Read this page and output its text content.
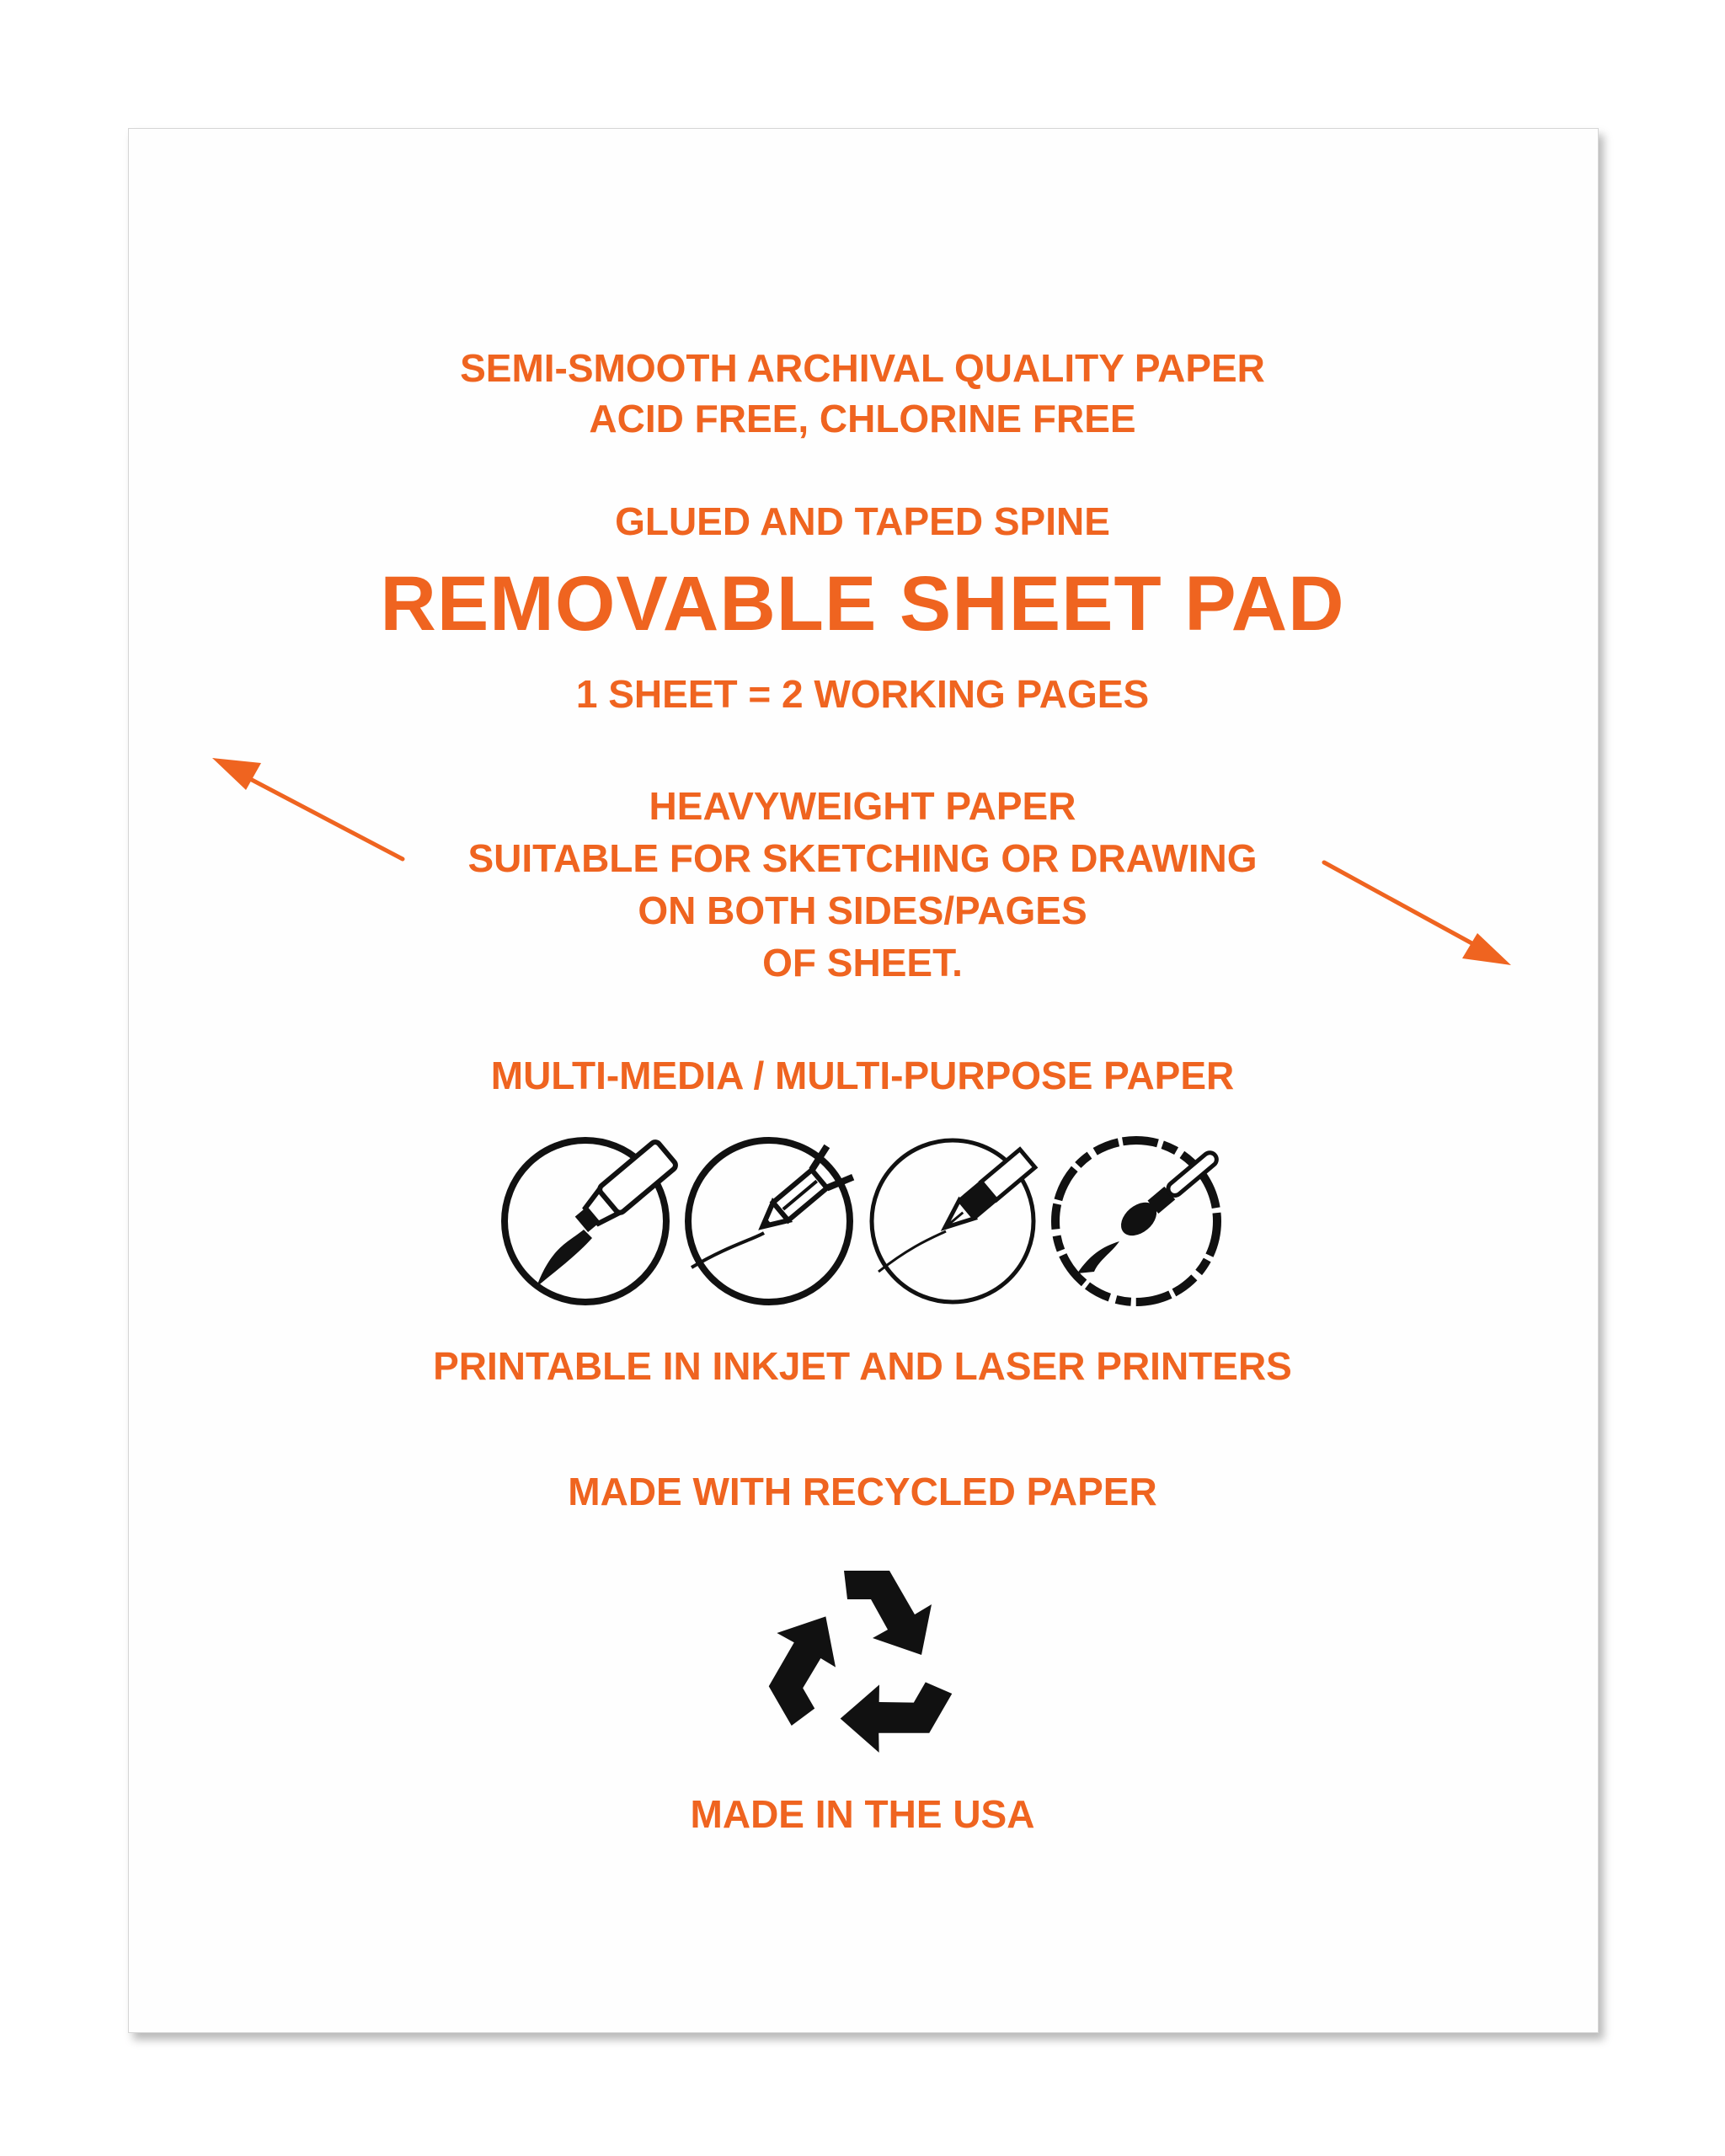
SEMI-SMOOTH ARCHIVAL QUALITY PAPER
ACID FREE, CHLORINE FREE
GLUED AND TAPED SPINE
REMOVABLE SHEET PAD
1 SHEET = 2 WORKING PAGES
HEAVYWEIGHT PAPER
SUITABLE FOR SKETCHING OR DRAWING
ON BOTH SIDES/PAGES
OF SHEET.
MULTI-MEDIA / MULTI-PURPOSE PAPER
PRINTABLE IN INKJET AND LASER PRINTERS
MADE WITH RECYCLED PAPER
MADE IN THE USA
